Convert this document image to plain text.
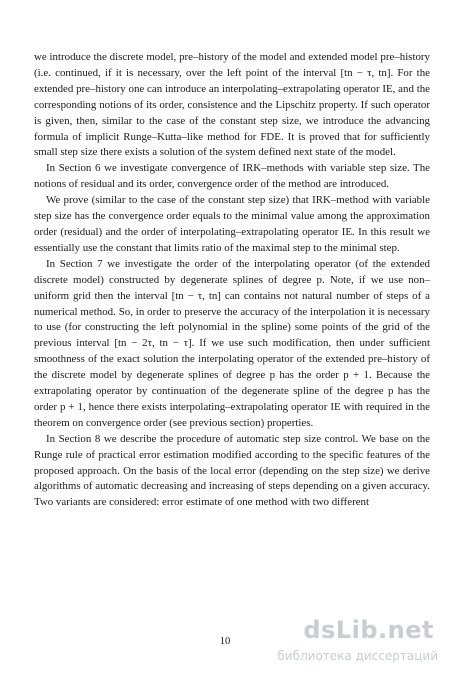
we introduce the discrete model, pre–history of the model and extended model pre–history (i.e. continued, if it is necessary, over the left point of the interval [tn − τ, tn]. For the extended pre–history one can introduce an interpolating–extrapolating operator IE, and the corresponding notions of its order, consistence and the Lipschitz property. If such operator is given, then, similar to the case of the constant step size, we introduce the advancing formula of implicit Runge–Kutta–like method for FDE. It is proved that for sufficiently small step size there exists a solution of the system defined next state of the model.

In Section 6 we investigate convergence of IRK–methods with variable step size. The notions of residual and its order, convergence order of the method are introduced.

We prove (similar to the case of the constant step size) that IRK–method with variable step size has the convergence order equals to the minimal value among the approximation order (residual) and the order of interpolating–extrapolating operator IE. In this result we essentially use the constant that limits ratio of the maximal step to the minimal step.

In Section 7 we investigate the order of the interpolating operator (of the extended discrete model) constructed by degenerate splines of degree p. Note, if we use non–uniform grid then the interval [tn − τ, tn] can contains not natural number of steps of a numerical method. So, in order to preserve the accuracy of the interpolation it is necessary to use (for constructing the left polynomial in the spline) some points of the grid of the previous interval [tn − 2τ, tn − τ]. If we use such modification, then under sufficient smoothness of the exact solution the interpolating operator of the extended pre–history of the discrete model by degenerate splines of degree p has the order p + 1. Because the extrapolating operator by continuation of the degenerate spline of the degree p has the order p + 1, hence there exists interpolating–extrapolating operator IE with required in the theorem on convergence order (see previous section) properties.

In Section 8 we describe the procedure of automatic step size control. We base on the Runge rule of practical error estimation modified according to the specific features of the proposed approach. On the basis of the local error (depending on the step size) we derive algorithms of automatic decreasing and increasing of steps depending on a given accuracy. Two variants are considered: error estimate of one method with two different

10	dsLib.net
библиотека диссертаций
